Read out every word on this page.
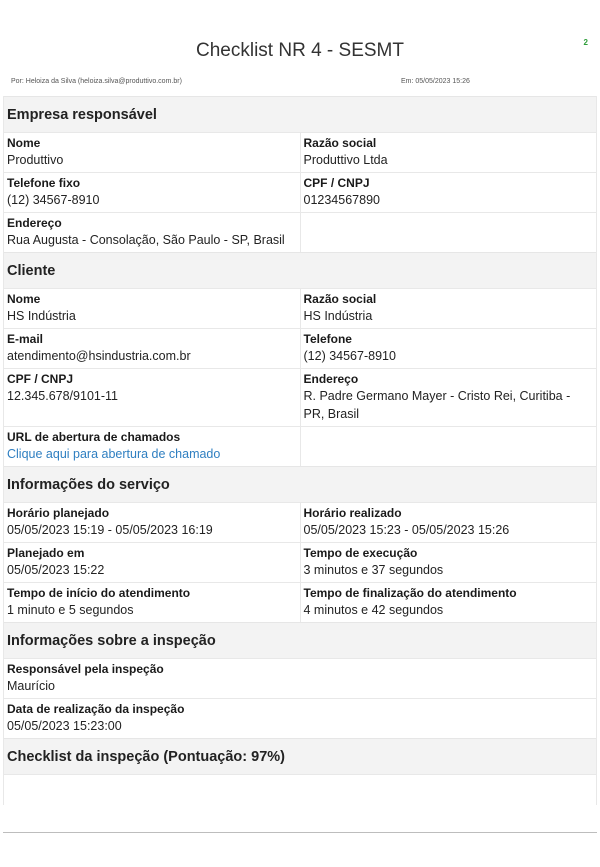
2
Checklist NR 4 - SESMT
Por: Heloiza da Silva (heloiza.silva@produttivo.com.br)	Em: 05/05/2023 15:26
Empresa responsável
Nome
Produttivo
Razão social
Produttivo Ltda
Telefone fixo
(12) 34567-8910
CPF / CNPJ
01234567890
Endereço
Rua Augusta - Consolação, São Paulo - SP, Brasil
Cliente
Nome
HS Indústria
Razão social
HS Indústria
E-mail
atendimento@hsindustria.com.br
Telefone
(12) 34567-8910
CPF / CNPJ
12.345.678/9101-11
Endereço
R. Padre Germano Mayer - Cristo Rei, Curitiba - PR, Brasil
URL de abertura de chamados
Clique aqui para abertura de chamado
Informações do serviço
Horário planejado
05/05/2023 15:19 - 05/05/2023 16:19
Horário realizado
05/05/2023 15:23 - 05/05/2023 15:26
Planejado em
05/05/2023 15:22
Tempo de execução
3 minutos e 37 segundos
Tempo de início do atendimento
1 minuto e 5 segundos
Tempo de finalização do atendimento
4 minutos e 42 segundos
Informações sobre a inspeção
Responsável pela inspeção
Maurício
Data de realização da inspeção
05/05/2023 15:23:00
Checklist da inspeção (Pontuação: 97%)
